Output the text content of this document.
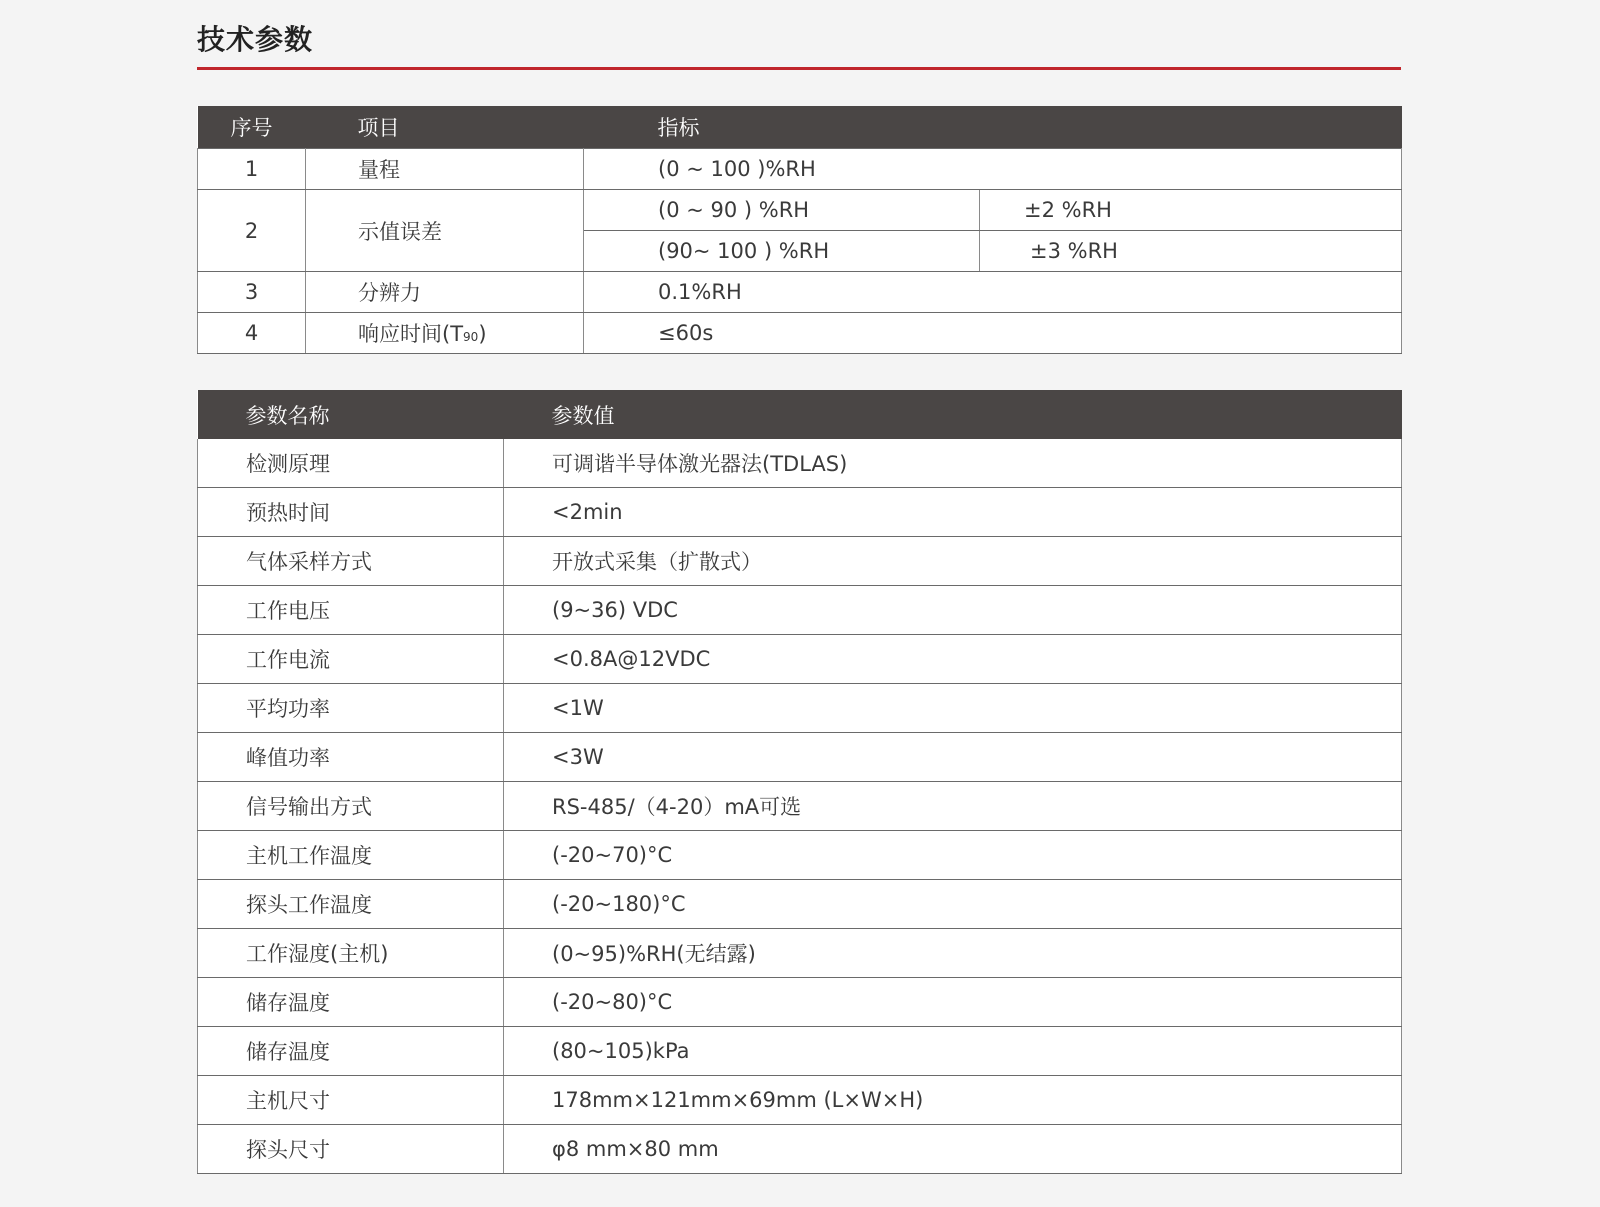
技术参数
序号	项目	指标	
1	量程	(0 ~ 100 )%RH	
2	示值误差	(0 ~ 90 ) %RH	±2 %RH
		(90~ 100 ) %RH	±3 %RH
3	分辨力	0.1%RH	
4	响应时间(T90)	≤60s	
参数名称	参数值
检测原理	可调谐半导体激光器法(TDLAS)
预热时间	<2min
气体采样方式	开放式采集（扩散式）
工作电压	(9~36) VDC
工作电流	<0.8A@12VDC
平均功率	<1W
峰值功率	<3W
信号输出方式	RS-485/（4-20）mA可选
主机工作温度	(-20~70)°C
探头工作温度	(-20~180)°C
工作湿度(主机)	(0~95)%RH(无结露)
储存温度	(-20~80)°C
储存温度	(80~105)kPa
主机尺寸	178mm×121mm×69mm (L×W×H)
探头尺寸	φ8 mm×80 mm
